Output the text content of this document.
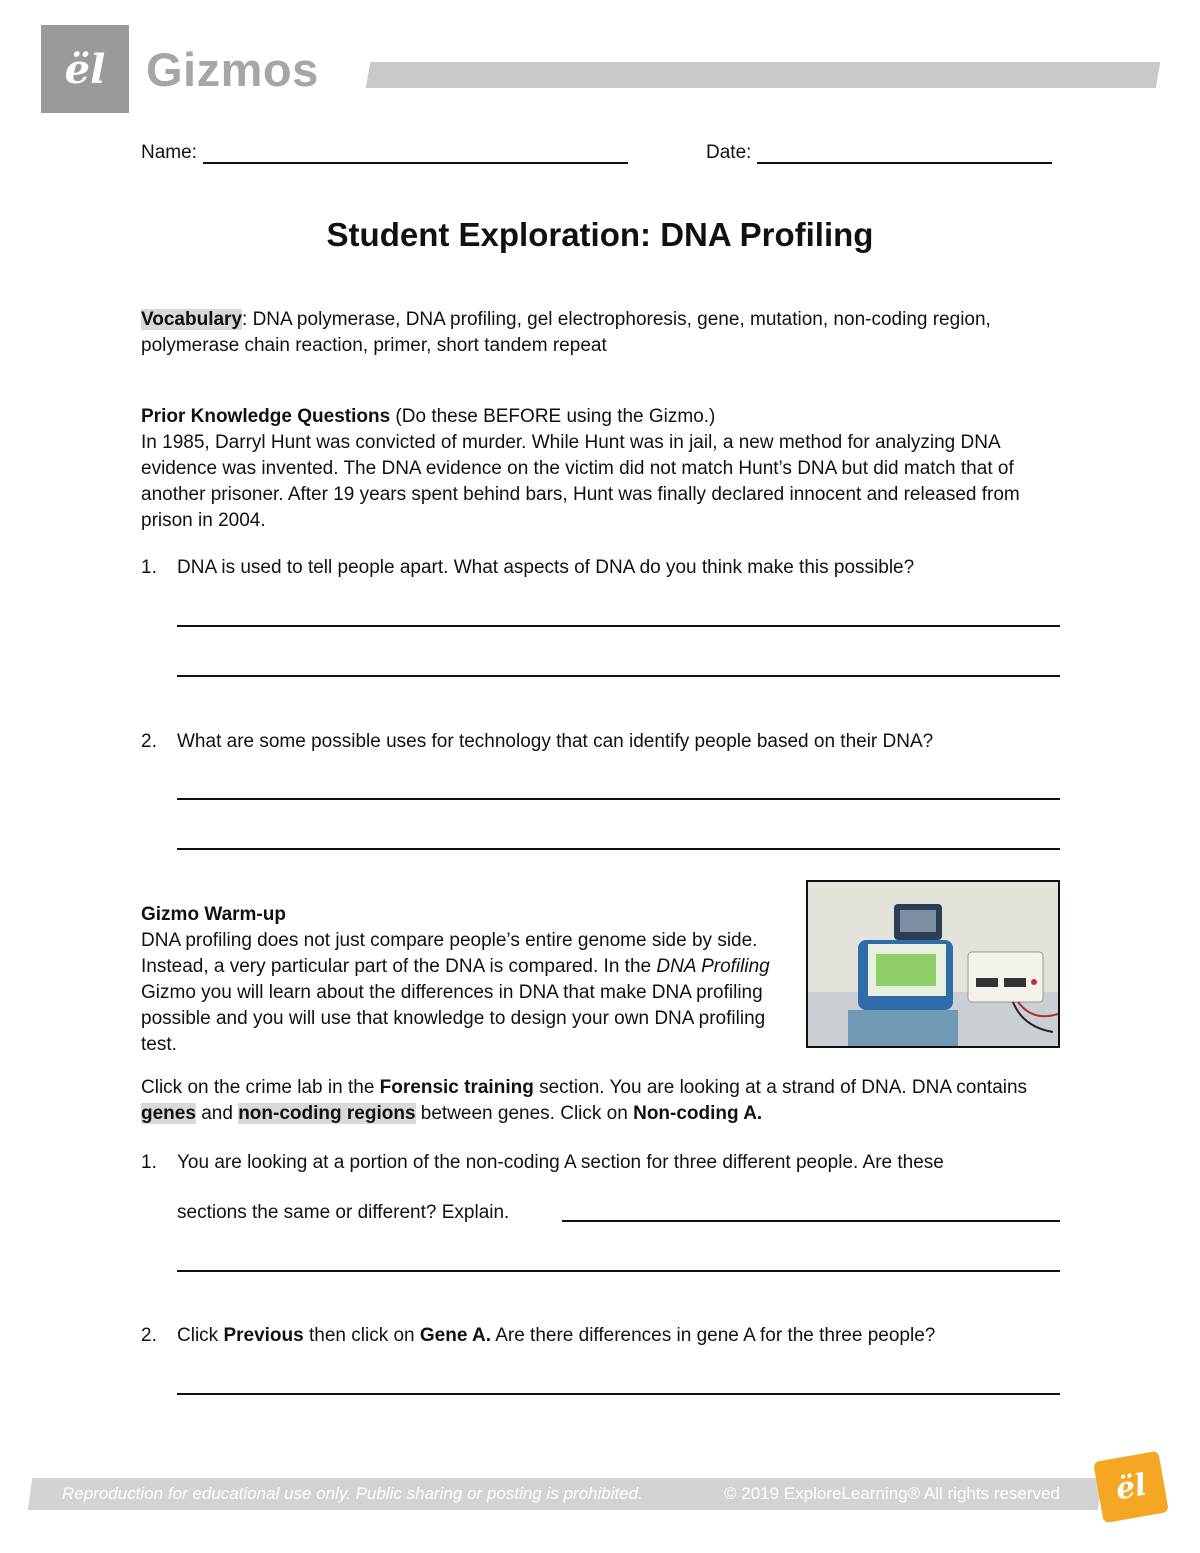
ël Gizmos
Name:	Date:
Student Exploration: DNA Profiling
Vocabulary: DNA polymerase, DNA profiling, gel electrophoresis, gene, mutation, non-coding region, polymerase chain reaction, primer, short tandem repeat
Prior Knowledge Questions (Do these BEFORE using the Gizmo.)
In 1985, Darryl Hunt was convicted of murder. While Hunt was in jail, a new method for analyzing DNA evidence was invented. The DNA evidence on the victim did not match Hunt’s DNA but did match that of another prisoner. After 19 years spent behind bars, Hunt was finally declared innocent and released from prison in 2004.
1. DNA is used to tell people apart. What aspects of DNA do you think make this possible?
2. What are some possible uses for technology that can identify people based on their DNA?
Gizmo Warm-up
DNA profiling does not just compare people’s entire genome side by side. Instead, a very particular part of the DNA is compared. In the DNA Profiling Gizmo you will learn about the differences in DNA that make DNA profiling possible and you will use that knowledge to design your own DNA profiling test.
Click on the crime lab in the Forensic training section. You are looking at a strand of DNA. DNA contains genes and non-coding regions between genes. Click on Non-coding A.
1. You are looking at a portion of the non-coding A section for three different people. Are these
sections the same or different? Explain.
2. Click Previous then click on Gene A. Are there differences in gene A for the three people?
Reproduction for educational use only. Public sharing or posting is prohibited.	© 2019 ExploreLearning® All rights reserved ël
